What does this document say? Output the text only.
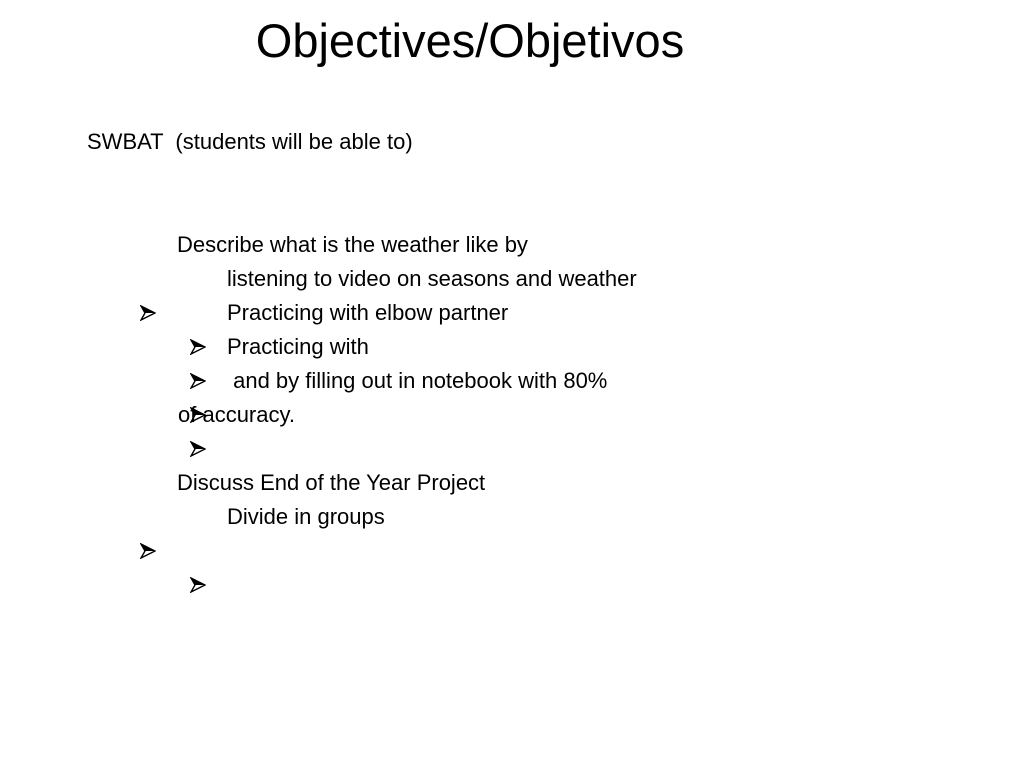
Objectives/Objetivos

SWBAT  (students will be able to)

Describe what is the weather like by

listening to video on seasons and weather

Practicing with elbow partner

Practicing with

and by filling out in notebook with 80%
of accuracy.

Discuss End of the Year Project

Divide in groups
